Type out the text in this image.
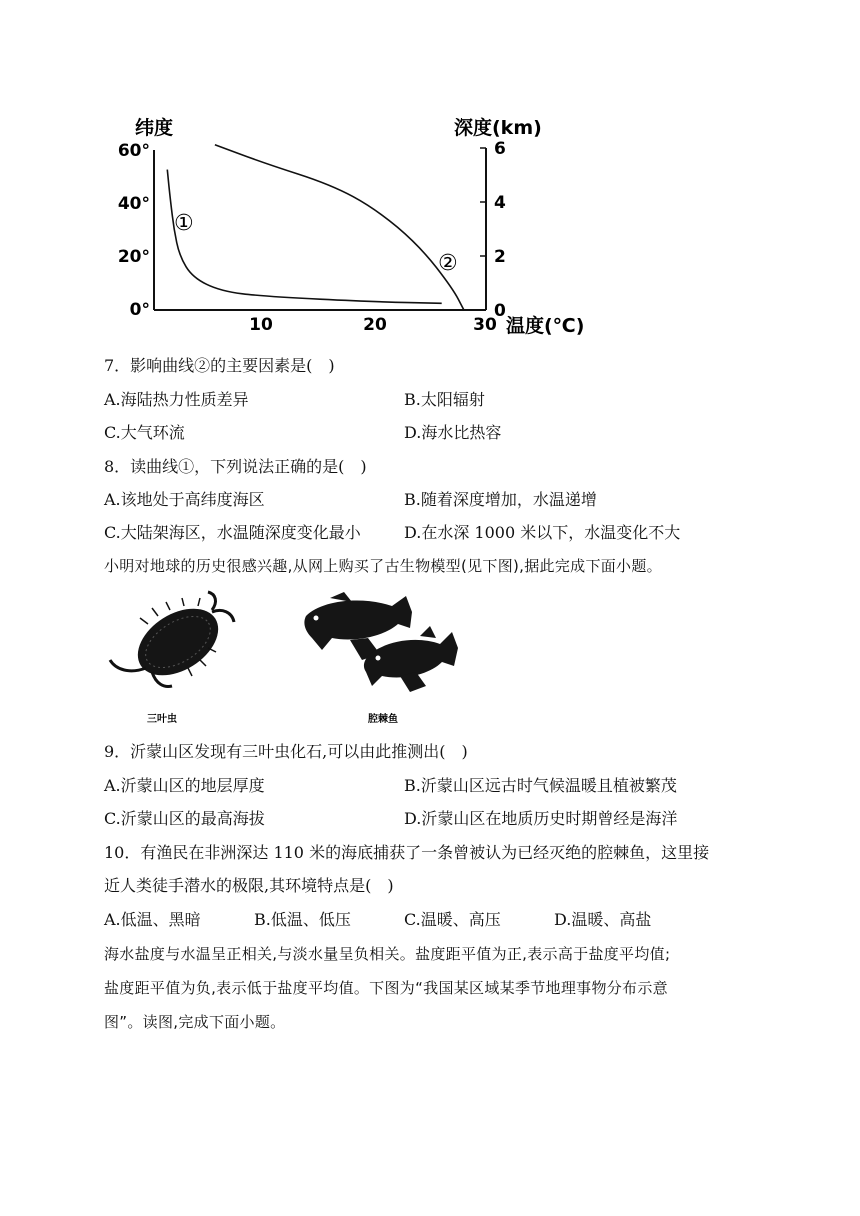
纬度	深度(km)
温度(℃)
0°
20°
40°
60°
0
2
4
6
10	20	30
①
②
7．影响曲线②的主要因素是(　)
A.海陆热力性质差异	B.太阳辐射
C.大气环流	D.海水比热容
8．读曲线①，下列说法正确的是(　)
A.该地处于高纬度海区	B.随着深度增加，水温递增
C.大陆架海区，水温随深度变化最小	D.在水深 1000 米以下，水温变化不大
小明对地球的历史很感兴趣,从网上购买了古生物模型(见下图),据此完成下面小题。
三叶虫	腔棘鱼
9．沂蒙山区发现有三叶虫化石,可以由此推测出(　)
A.沂蒙山区的地层厚度	B.沂蒙山区远古时气候温暖且植被繁茂
C.沂蒙山区的最高海拔	D.沂蒙山区在地质历史时期曾经是海洋
10．有渔民在非洲深达 110 米的海底捕获了一条曾被认为已经灭绝的腔棘鱼，这里接
近人类徒手潜水的极限,其环境特点是(　)
A.低温、黑暗	B.低温、低压	C.温暖、高压	D.温暖、高盐
海水盐度与水温呈正相关,与淡水量呈负相关。盐度距平值为正,表示高于盐度平均值;
盐度距平值为负,表示低于盐度平均值。下图为“我国某区域某季节地理事物分布示意
图”。读图,完成下面小题。
